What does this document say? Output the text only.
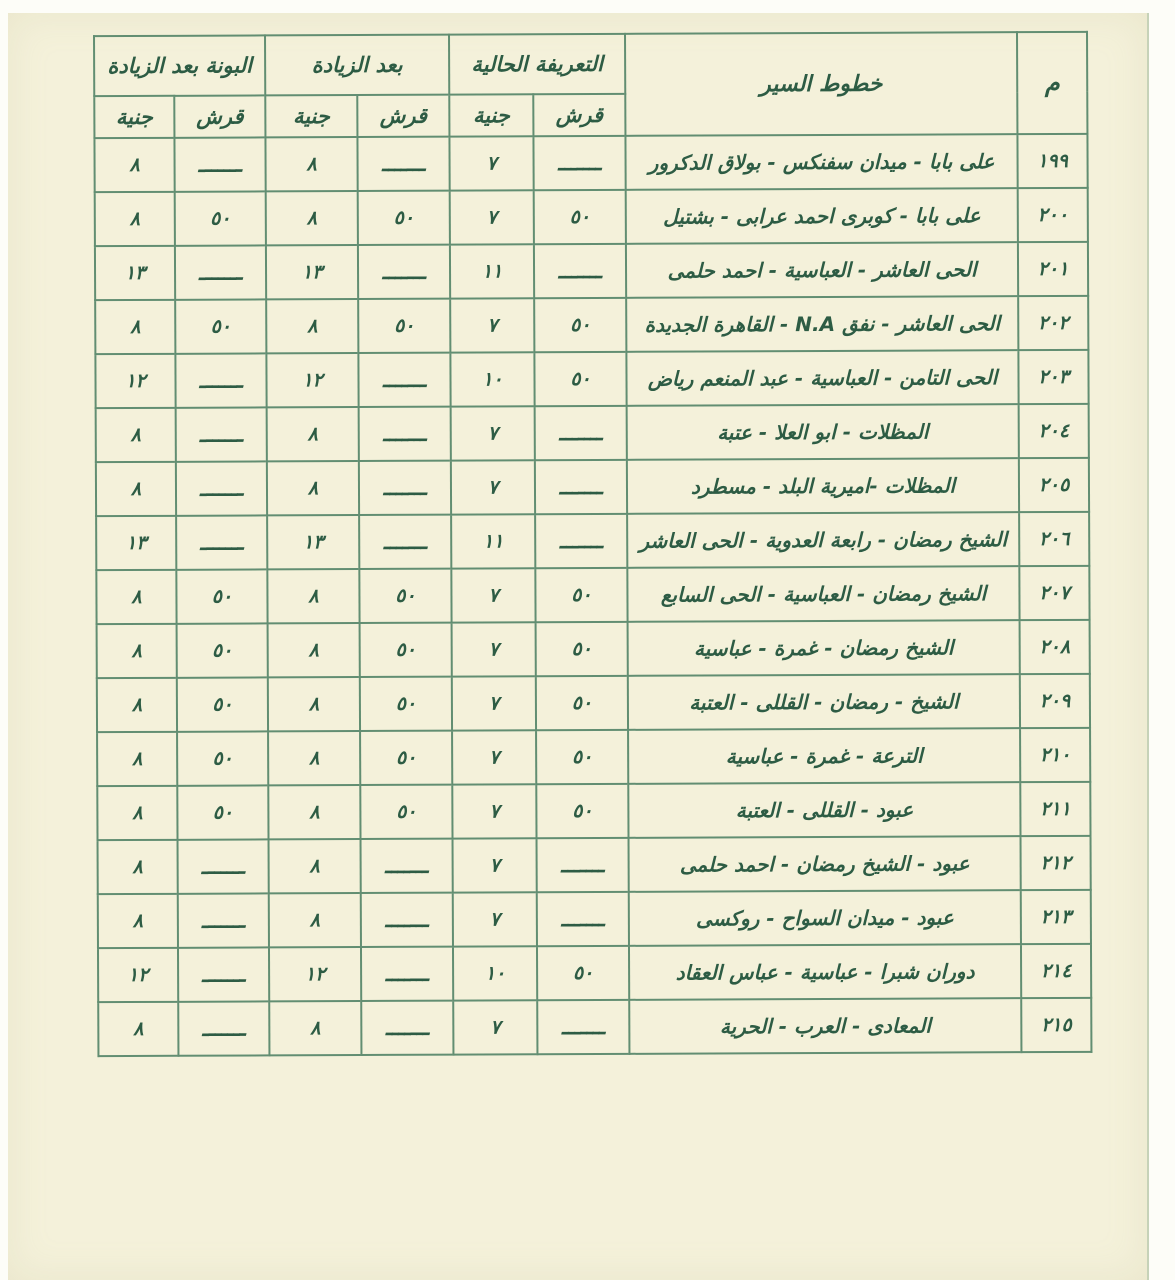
م	خطوط السير	التعريفة الحالية		بعد الزيادة		البونة بعد الزيادة	
		قرش	جنية	قرش	جنية	قرش	جنية
١٩٩	على بابا - ميدان سفنكس - بولاق الدكرور	ـــــــ	٧	ـــــــ	٨	ـــــــ	٨
٢٠٠	على بابا - كوبرى احمد عرابى - بشتيل	٥٠	٧	٥٠	٨	٥٠	٨
٢٠١	الحى العاشر - العباسية - احمد حلمى	ـــــــ	١١	ـــــــ	١٣	ـــــــ	١٣
٢٠٢	الحى العاشر - نفق N.A - القاهرة الجديدة	٥٠	٧	٥٠	٨	٥٠	٨
٢٠٣	الحى التامن - العباسية - عبد المنعم رياض	٥٠	١٠	ـــــــ	١٢	ـــــــ	١٢
٢٠٤	المظلات - ابو العلا - عتبة	ـــــــ	٧	ـــــــ	٨	ـــــــ	٨
٢٠٥	المظلات -اميرية البلد - مسطرد	ـــــــ	٧	ـــــــ	٨	ـــــــ	٨
٢٠٦	الشيخ رمضان - رابعة العدوية - الحى العاشر	ـــــــ	١١	ـــــــ	١٣	ـــــــ	١٣
٢٠٧	الشيخ رمضان - العباسية - الحى السابع	٥٠	٧	٥٠	٨	٥٠	٨
٢٠٨	الشيخ رمضان - غمرة - عباسية	٥٠	٧	٥٠	٨	٥٠	٨
٢٠٩	الشيخ - رمضان - القللى - العتبة	٥٠	٧	٥٠	٨	٥٠	٨
٢١٠	الترعة - غمرة - عباسية	٥٠	٧	٥٠	٨	٥٠	٨
٢١١	عبود - القللى - العتبة	٥٠	٧	٥٠	٨	٥٠	٨
٢١٢	عبود - الشيخ رمضان - احمد حلمى	ـــــــ	٧	ـــــــ	٨	ـــــــ	٨
٢١٣	عبود - ميدان السواح - روكسى	ـــــــ	٧	ـــــــ	٨	ـــــــ	٨
٢١٤	دوران شبرا - عباسية - عباس العقاد	٥٠	١٠	ـــــــ	١٢	ـــــــ	١٢
٢١٥	المعادى - العرب - الحرية	ـــــــ	٧	ـــــــ	٨	ـــــــ	٨
